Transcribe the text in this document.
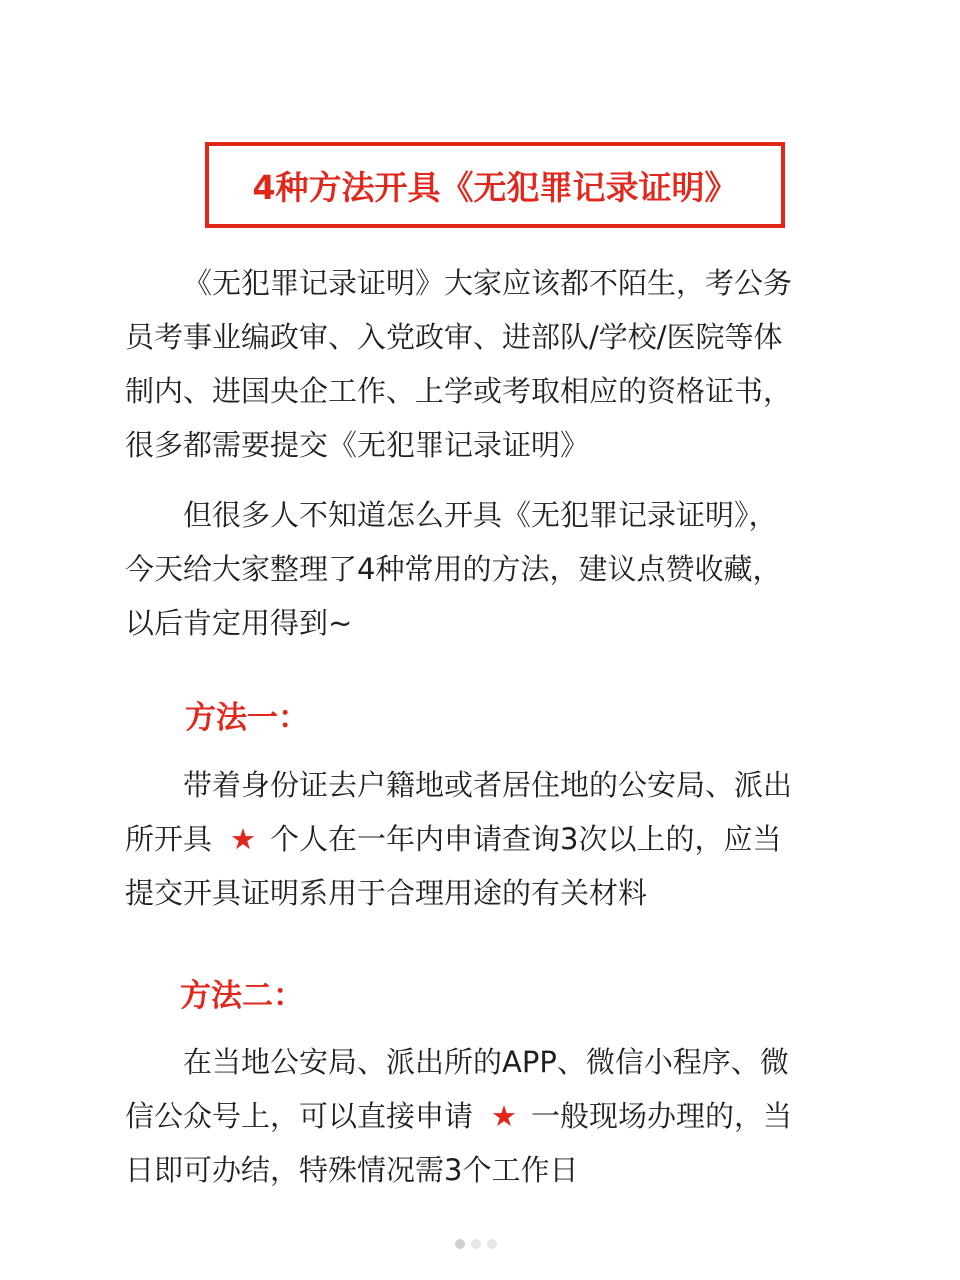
4种方法开具《无犯罪记录证明》
《无犯罪记录证明》大家应该都不陌生，考公务
员考事业编政审、入党政审、进部队/学校/医院等体
制内、进国央企工作、上学或考取相应的资格证书，
很多都需要提交《无犯罪记录证明》
但很多人不知道怎么开具《无犯罪记录证明》，
今天给大家整理了4种常用的方法，建议点赞收藏，
以后肯定用得到~
方法一：
带着身份证去户籍地或者居住地的公安局、派出
所开具 ★ 个人在一年内申请查询3次以上的，应当
提交开具证明系用于合理用途的有关材料
方法二：
在当地公安局、派出所的APP、微信小程序、微
信公众号上，可以直接申请 ★ 一般现场办理的，当
日即可办结，特殊情况需3个工作日
